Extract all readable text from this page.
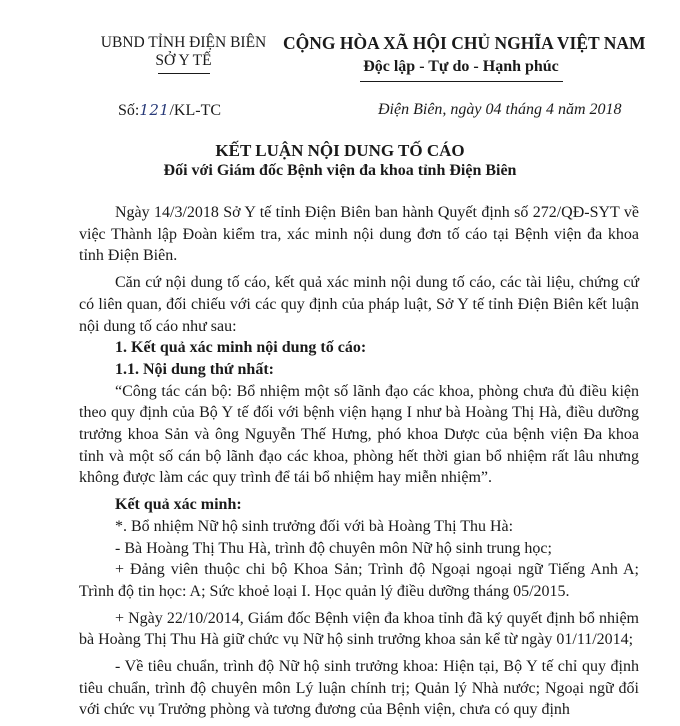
UBND TỈNH ĐIỆN BIÊN
SỞ Y TẾ
CỘNG HÒA XÃ HỘI CHỦ NGHĨA VIỆT NAM
Độc lập - Tự do - Hạnh phúc
Số:121/KL-TC	Điện Biên, ngày 04 tháng 4 năm 2018
KẾT LUẬN NỘI DUNG TỐ CÁO
Đối với Giám đốc Bệnh viện đa khoa tỉnh Điện Biên

Ngày 14/3/2018 Sở Y tế tỉnh Điện Biên ban hành Quyết định số 272/QĐ-SYT về việc Thành lập Đoàn kiểm tra, xác minh nội dung đơn tố cáo tại Bệnh viện đa khoa tỉnh Điện Biên.

Căn cứ nội dung tố cáo, kết quả xác minh nội dung tố cáo, các tài liệu, chứng cứ có liên quan, đối chiếu với các quy định của pháp luật, Sở Y tế tỉnh Điện Biên kết luận nội dung tố cáo như sau:

1. Kết quả xác minh nội dung tố cáo:

1.1. Nội dung thứ nhất:

“Công tác cán bộ: Bổ nhiệm một số lãnh đạo các khoa, phòng chưa đủ điều kiện theo quy định của Bộ Y tế đối với bệnh viện hạng I như bà Hoàng Thị Hà, điều dưỡng trưởng khoa Sản và ông Nguyễn Thế Hưng, phó khoa Dược của bệnh viện Đa khoa tỉnh và một số cán bộ lãnh đạo các khoa, phòng hết thời gian bổ nhiệm rất lâu nhưng không được làm các quy trình để tái bổ nhiệm hay miễn nhiệm”.

Kết quả xác minh:

*. Bổ nhiệm Nữ hộ sinh trưởng đối với bà Hoàng Thị Thu Hà:

- Bà Hoàng Thị Thu Hà, trình độ chuyên môn Nữ hộ sinh trung học;

+ Đảng viên thuộc chi bộ Khoa Sản; Trình độ Ngoại ngoại ngữ Tiếng Anh A; Trình độ tin học: A; Sức khoẻ loại I. Học quản lý điều dưỡng tháng 05/2015.

+ Ngày 22/10/2014, Giám đốc Bệnh viện đa khoa tỉnh đã ký quyết định bổ nhiệm bà Hoàng Thị Thu Hà giữ chức vụ Nữ hộ sinh trưởng khoa sản kể từ ngày 01/11/2014;

- Về tiêu chuẩn, trình độ Nữ hộ sinh trưởng khoa: Hiện tại, Bộ Y tế chỉ quy định tiêu chuẩn, trình độ chuyên môn Lý luận chính trị; Quản lý Nhà nước; Ngoại ngữ đối với chức vụ Trưởng phòng và tương đương của Bệnh viện, chưa có quy định
